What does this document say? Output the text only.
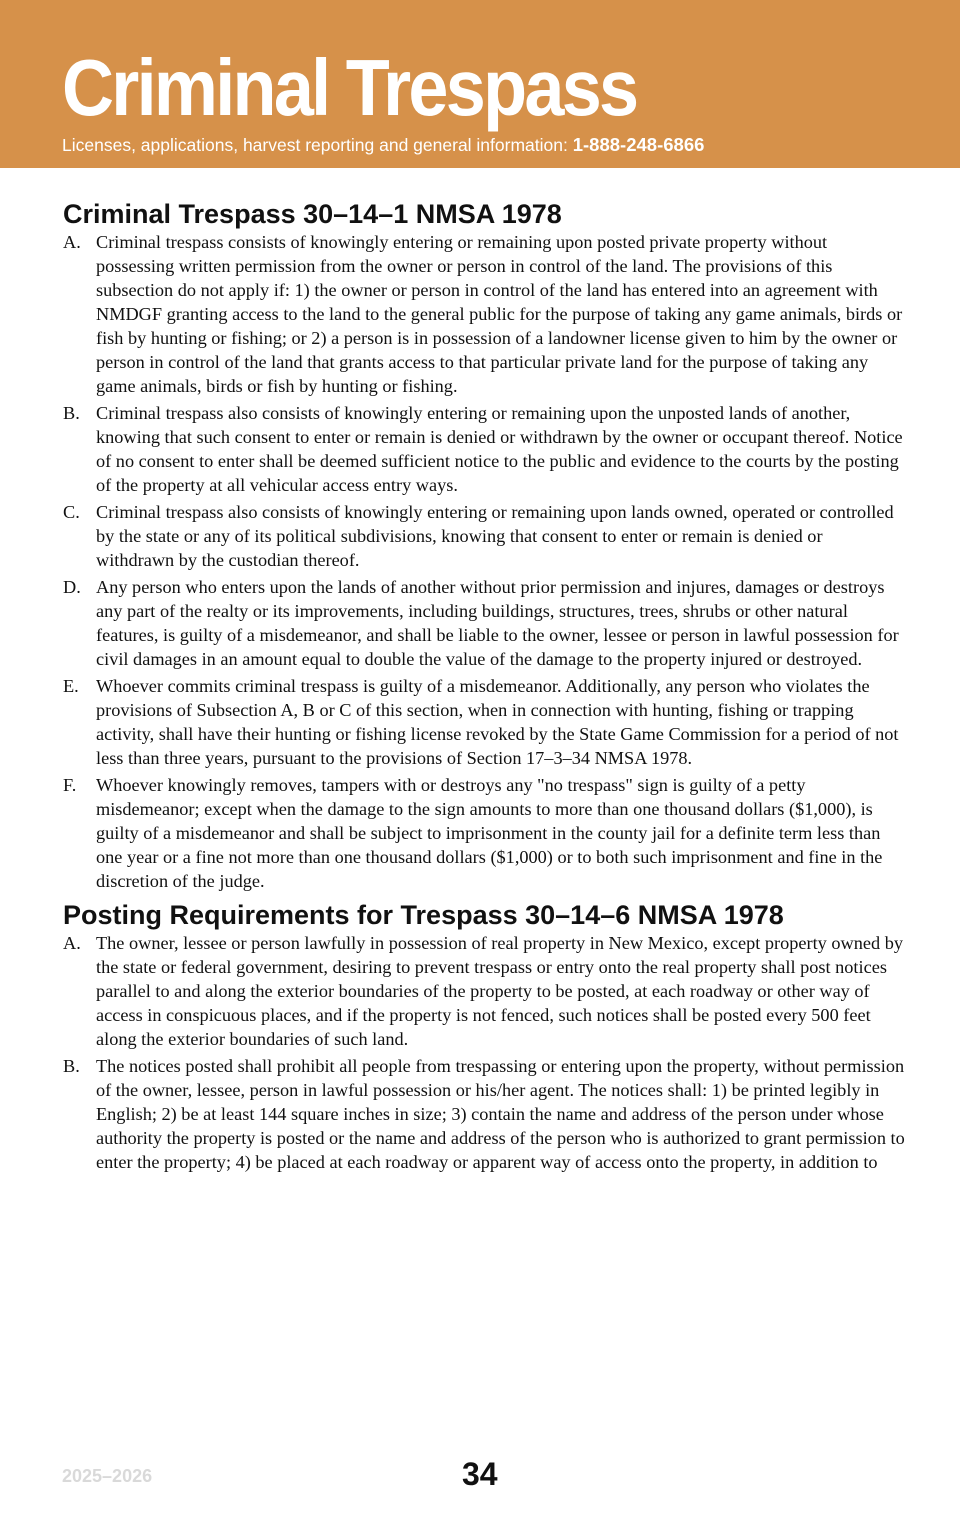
Criminal Trespass
Licenses, applications, harvest reporting and general information: 1-888-248-6866
Criminal Trespass 30–14–1 NMSA 1978

A. Criminal trespass consists of knowingly entering or remaining upon posted private property without possessing written permission from the owner or person in control of the land. The provisions of this subsection do not apply if: 1) the owner or person in control of the land has entered into an agreement with NMDGF granting access to the land to the general public for the purpose of taking any game animals, birds or fish by hunting or fishing; or 2) a person is in possession of a landowner license given to him by the owner or person in control of the land that grants access to that particular private land for the purpose of taking any game animals, birds or fish by hunting or fishing.

B. Criminal trespass also consists of knowingly entering or remaining upon the unposted lands of another, knowing that such consent to enter or remain is denied or withdrawn by the owner or occupant thereof. Notice of no consent to enter shall be deemed sufficient notice to the public and evidence to the courts by the posting of the property at all vehicular access entry ways.

C. Criminal trespass also consists of knowingly entering or remaining upon lands owned, operated or controlled by the state or any of its political subdivisions, knowing that consent to enter or remain is denied or withdrawn by the custodian thereof.

D. Any person who enters upon the lands of another without prior permission and injures, damages or destroys any part of the realty or its improvements, including buildings, structures, trees, shrubs or other natural features, is guilty of a misdemeanor, and shall be liable to the owner, lessee or person in lawful possession for civil damages in an amount equal to double the value of the damage to the property injured or destroyed.

E. Whoever commits criminal trespass is guilty of a misdemeanor. Additionally, any person who violates the provisions of Subsection A, B or C of this section, when in connection with hunting, fishing or trapping activity, shall have their hunting or fishing license revoked by the State Game Commission for a period of not less than three years, pursuant to the provisions of Section 17–3–34 NMSA 1978.

F. Whoever knowingly removes, tampers with or destroys any "no trespass" sign is guilty of a petty misdemeanor; except when the damage to the sign amounts to more than one thousand dollars ($1,000), is guilty of a misdemeanor and shall be subject to imprisonment in the county jail for a definite term less than one year or a fine not more than one thousand dollars ($1,000) or to both such imprisonment and fine in the discretion of the judge.

Posting Requirements for Trespass 30–14–6 NMSA 1978

A. The owner, lessee or person lawfully in possession of real property in New Mexico, except property owned by the state or federal government, desiring to prevent trespass or entry onto the real property shall post notices parallel to and along the exterior boundaries of the property to be posted, at each roadway or other way of access in conspicuous places, and if the property is not fenced, such notices shall be posted every 500 feet along the exterior boundaries of such land.

B. The notices posted shall prohibit all people from trespassing or entering upon the property, without permission of the owner, lessee, person in lawful possession or his/her agent. The notices shall: 1) be printed legibly in English; 2) be at least 144 square inches in size; 3) contain the name and address of the person under whose authority the property is posted or the name and address of the person who is authorized to grant permission to enter the property; 4) be placed at each roadway or apparent way of access onto the property, in addition to

2025–2026	34
